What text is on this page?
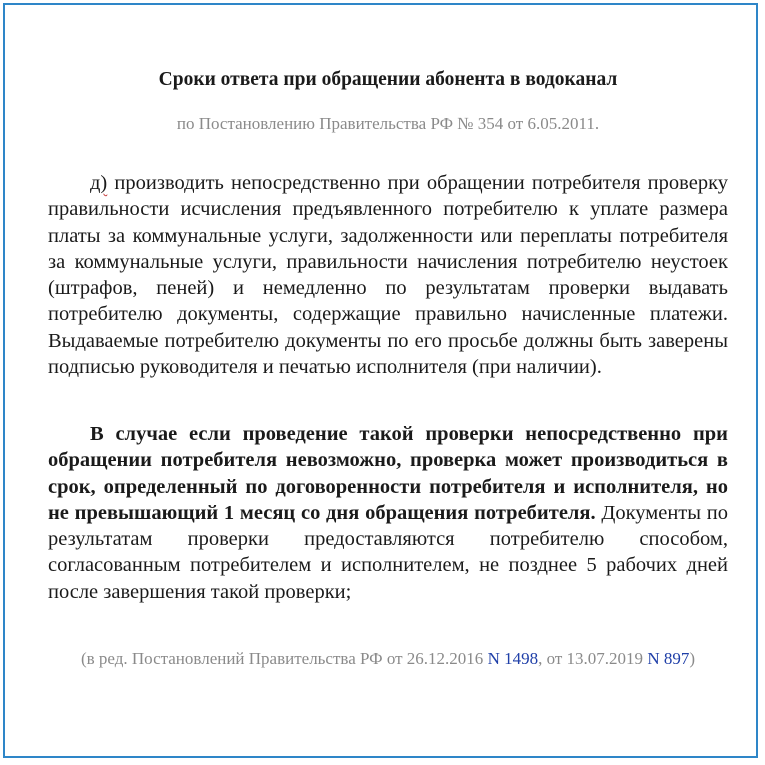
Сроки ответа при обращении абонента в водоканал
по Постановлению Правительства РФ № 354 от 6.05.2011.

д) производить непосредственно при обращении потребителя проверку правильности исчисления предъявленного потребителю к уплате размера платы за коммунальные услуги, задолженности или переплаты потребителя за коммунальные услуги, правильности начисления потребителю неустоек (штрафов, пеней) и немедленно по результатам проверки выдавать потребителю документы, содержащие правильно начисленные платежи. Выдаваемые потребителю документы по его просьбе должны быть заверены подписью руководителя и печатью исполнителя (при наличии).

В случае если проведение такой проверки непосредственно при обращении потребителя невозможно, проверка может производиться в срок, определенный по договоренности потребителя и исполнителя, но не превышающий 1 месяц со дня обращения потребителя. Документы по результатам проверки предоставляются потребителю способом, согласованным потребителем и исполнителем, не позднее 5 рабочих дней после завершения такой проверки;

(в ред. Постановлений Правительства РФ от 26.12.2016 N 1498, от 13.07.2019 N 897)
